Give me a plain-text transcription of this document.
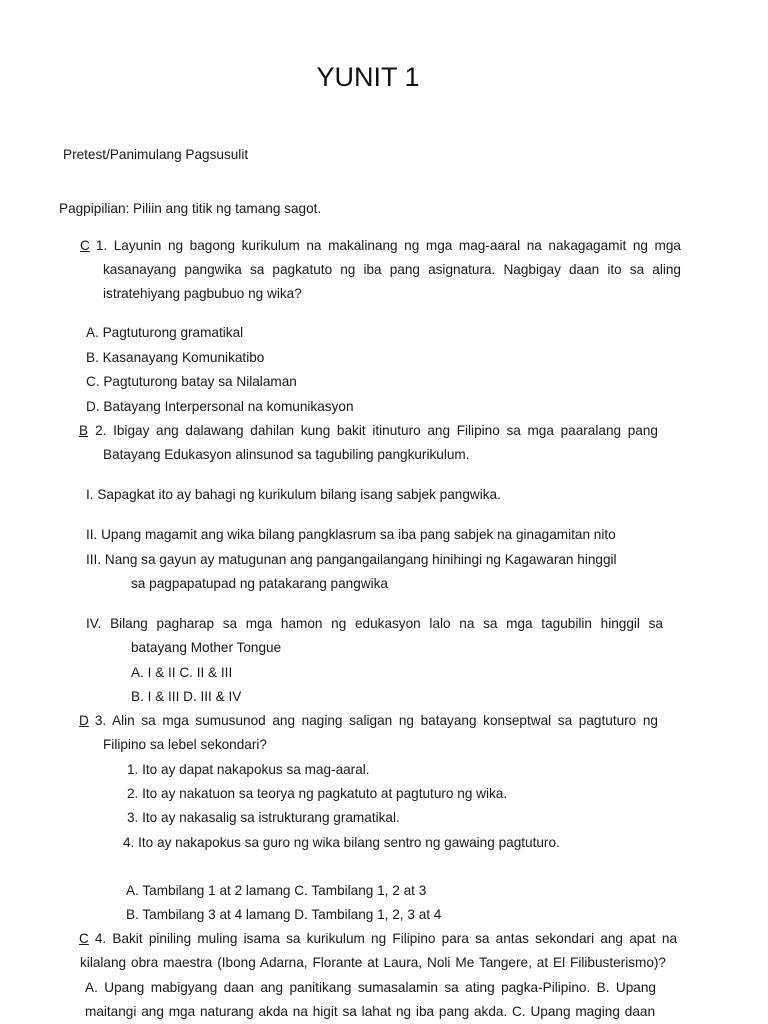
YUNIT 1
Pretest/Panimulang Pagsusulit
Pagpipilian: Piliin ang titik ng tamang sagot.
C 1. Layunin ng bagong kurikulum na makalinang ng mga mag-aaral na nakagagamit ng mga
kasanayang pangwika sa pagkatuto ng iba pang asignatura. Nagbigay daan ito sa aling
istratehiyang pagbubuo ng wika?
A. Pagtuturong gramatikal
B. Kasanayang Komunikatibo
C. Pagtuturong batay sa Nilalaman
D. Batayang Interpersonal na komunikasyon
B 2. Ibigay ang dalawang dahilan kung bakit itinuturo ang Filipino sa mga paaralang pang
Batayang Edukasyon alinsunod sa tagubiling pangkurikulum.
I. Sapagkat ito ay bahagi ng kurikulum bilang isang sabjek pangwika.
II. Upang magamit ang wika bilang pangklasrum sa iba pang sabjek na ginagamitan nito
III. Nang sa gayun ay matugunan ang pangangailangang hinihingi ng Kagawaran hinggil
sa pagpapatupad ng patakarang pangwika
IV. Bilang pagharap sa mga hamon ng edukasyon lalo na sa mga tagubilin hinggil sa
batayang Mother Tongue
A. I & II C. II & III
B. I & III D. III & IV
D 3. Alin sa mga sumusunod ang naging saligan ng batayang konseptwal sa pagtuturo ng
Filipino sa lebel sekondari?
1. Ito ay dapat nakapokus sa mag-aaral.
2. Ito ay nakatuon sa teorya ng pagkatuto at pagtuturo ng wika.
3. Ito ay nakasalig sa istrukturang gramatikal.
4. Ito ay nakapokus sa guro ng wika bilang sentro ng gawaing pagtuturo.
A. Tambilang 1 at 2 lamang C. Tambilang 1, 2 at 3
B. Tambilang 3 at 4 lamang D. Tambilang 1, 2, 3 at 4
C 4. Bakit piniling muling isama sa kurikulum ng Filipino para sa antas sekondari ang apat na
kilalang obra maestra (Ibong Adarna, Florante at Laura, Noli Me Tangere, at El Filibusterismo)?
A. Upang mabigyang daan ang panitikang sumasalamin sa ating pagka-Pilipino. B. Upang
maitangi ang mga naturang akda na higit sa lahat ng iba pang akda. C. Upang maging daan
